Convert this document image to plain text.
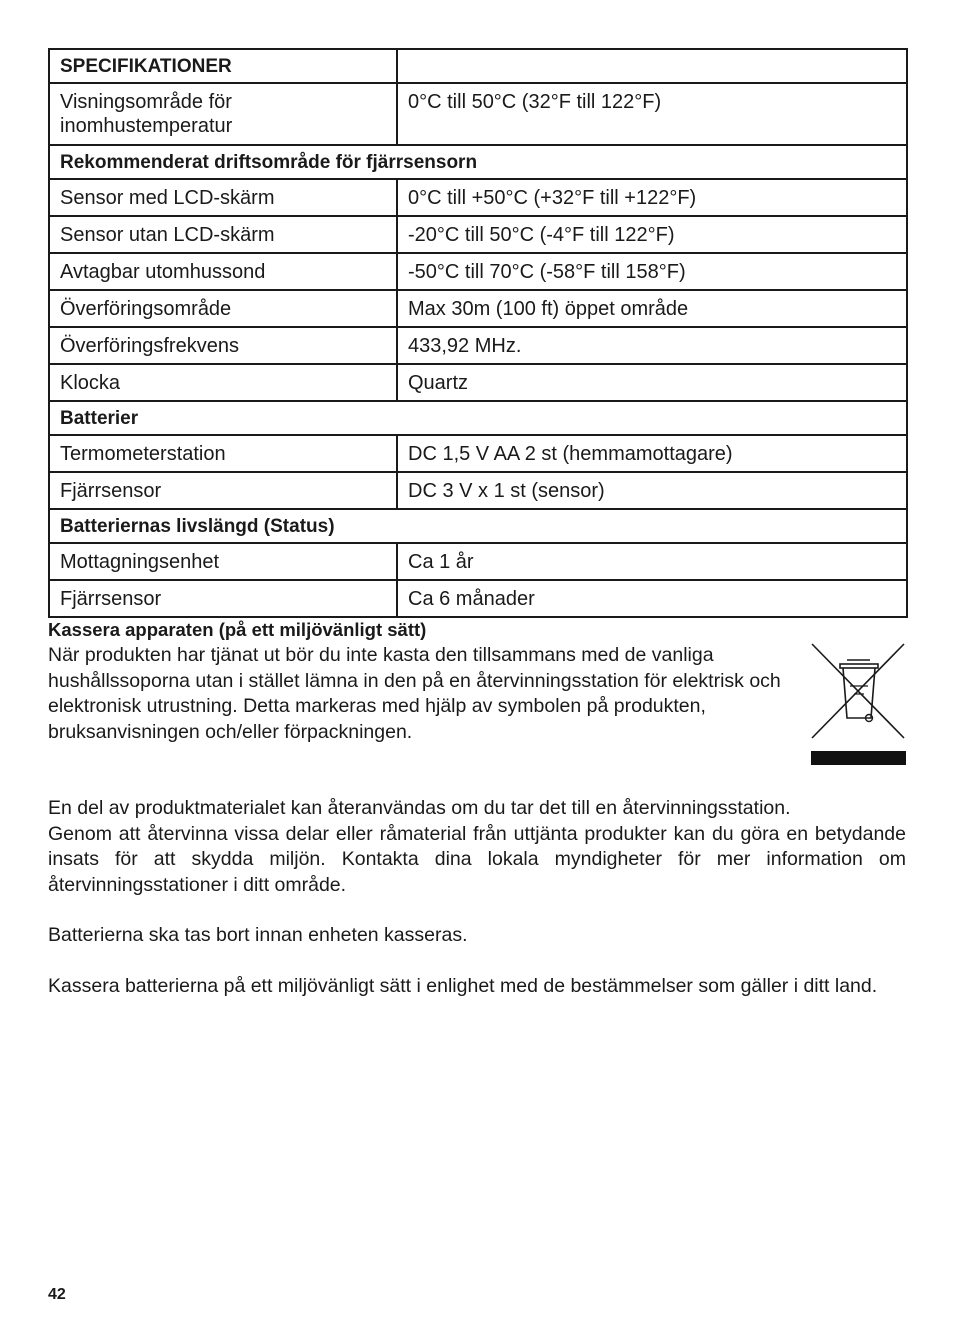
SPECIFIKATIONER	
Visningsområde för inomhustemperatur	0°C till 50°C (32°F till 122°F)
Rekommenderat driftsområde för fjärrsensorn	
Sensor med LCD-skärm	0°C till +50°C (+32°F till +122°F)
Sensor utan LCD-skärm	-20°C till 50°C (-4°F till 122°F)
Avtagbar utomhussond	-50°C till 70°C (-58°F till 158°F)
Överföringsområde	Max 30m (100 ft) öppet område
Överföringsfrekvens	433,92 MHz.
Klocka	Quartz
Batterier	
Termometerstation	DC 1,5 V AA 2 st (hemmamottagare)
Fjärrsensor	DC 3 V x 1 st (sensor)
Batteriernas livslängd (Status)	
Mottagningsenhet	Ca 1 år
Fjärrsensor	Ca 6 månader
Kassera apparaten (på ett miljövänligt sätt)
När produkten har tjänat ut bör du inte kasta den tillsammans med de vanliga hushållssoporna utan i stället lämna in den på en återvinningsstation för elektrisk och
elektronisk utrustning. Detta markeras med hjälp av symbolen på produkten, bruksanvisningen och/eller förpackningen.
En del av produktmaterialet kan återanvändas om du tar det till en återvinningsstation.
Genom att återvinna vissa delar eller råmaterial från uttjänta produkter kan du göra en betydande insats för att skydda miljön. Kontakta dina lokala myndigheter för mer information om återvinningsstationer i ditt område.
Batterierna ska tas bort innan enheten kasseras.
Kassera batterierna på ett miljövänligt sätt i enlighet med de bestämmelser som gäller i ditt land.
42
